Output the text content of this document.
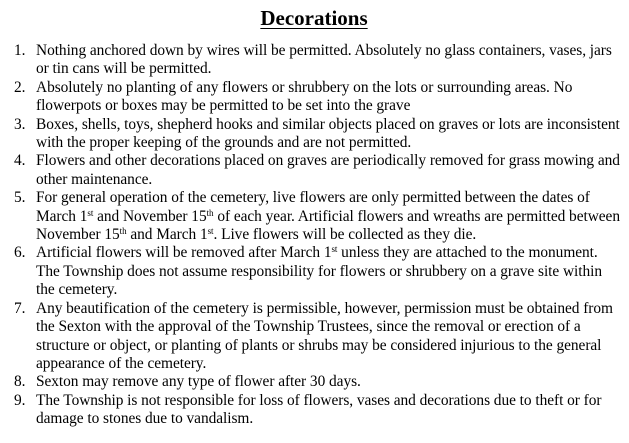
Decorations
1. Nothing anchored down by wires will be permitted. Absolutely no glass containers, vases, jars or tin cans will be permitted.
2. Absolutely no planting of any flowers or shrubbery on the lots or surrounding areas. No flowerpots or boxes may be permitted to be set into the grave
3. Boxes, shells, toys, shepherd hooks and similar objects placed on graves or lots are inconsistent with the proper keeping of the grounds and are not permitted.
4. Flowers and other decorations placed on graves are periodically removed for grass mowing and other maintenance.
5. For general operation of the cemetery, live flowers are only permitted between the dates of March 1st and November 15th of each year. Artificial flowers and wreaths are permitted between November 15th and March 1st. Live flowers will be collected as they die.
6. Artificial flowers will be removed after March 1st unless they are attached to the monument. The Township does not assume responsibility for flowers or shrubbery on a grave site within the cemetery.
7. Any beautification of the cemetery is permissible, however, permission must be obtained from the Sexton with the approval of the Township Trustees, since the removal or erection of a structure or object, or planting of plants or shrubs may be considered injurious to the general appearance of the cemetery.
8. Sexton may remove any type of flower after 30 days.
9. The Township is not responsible for loss of flowers, vases and decorations due to theft or for damage to stones due to vandalism.
